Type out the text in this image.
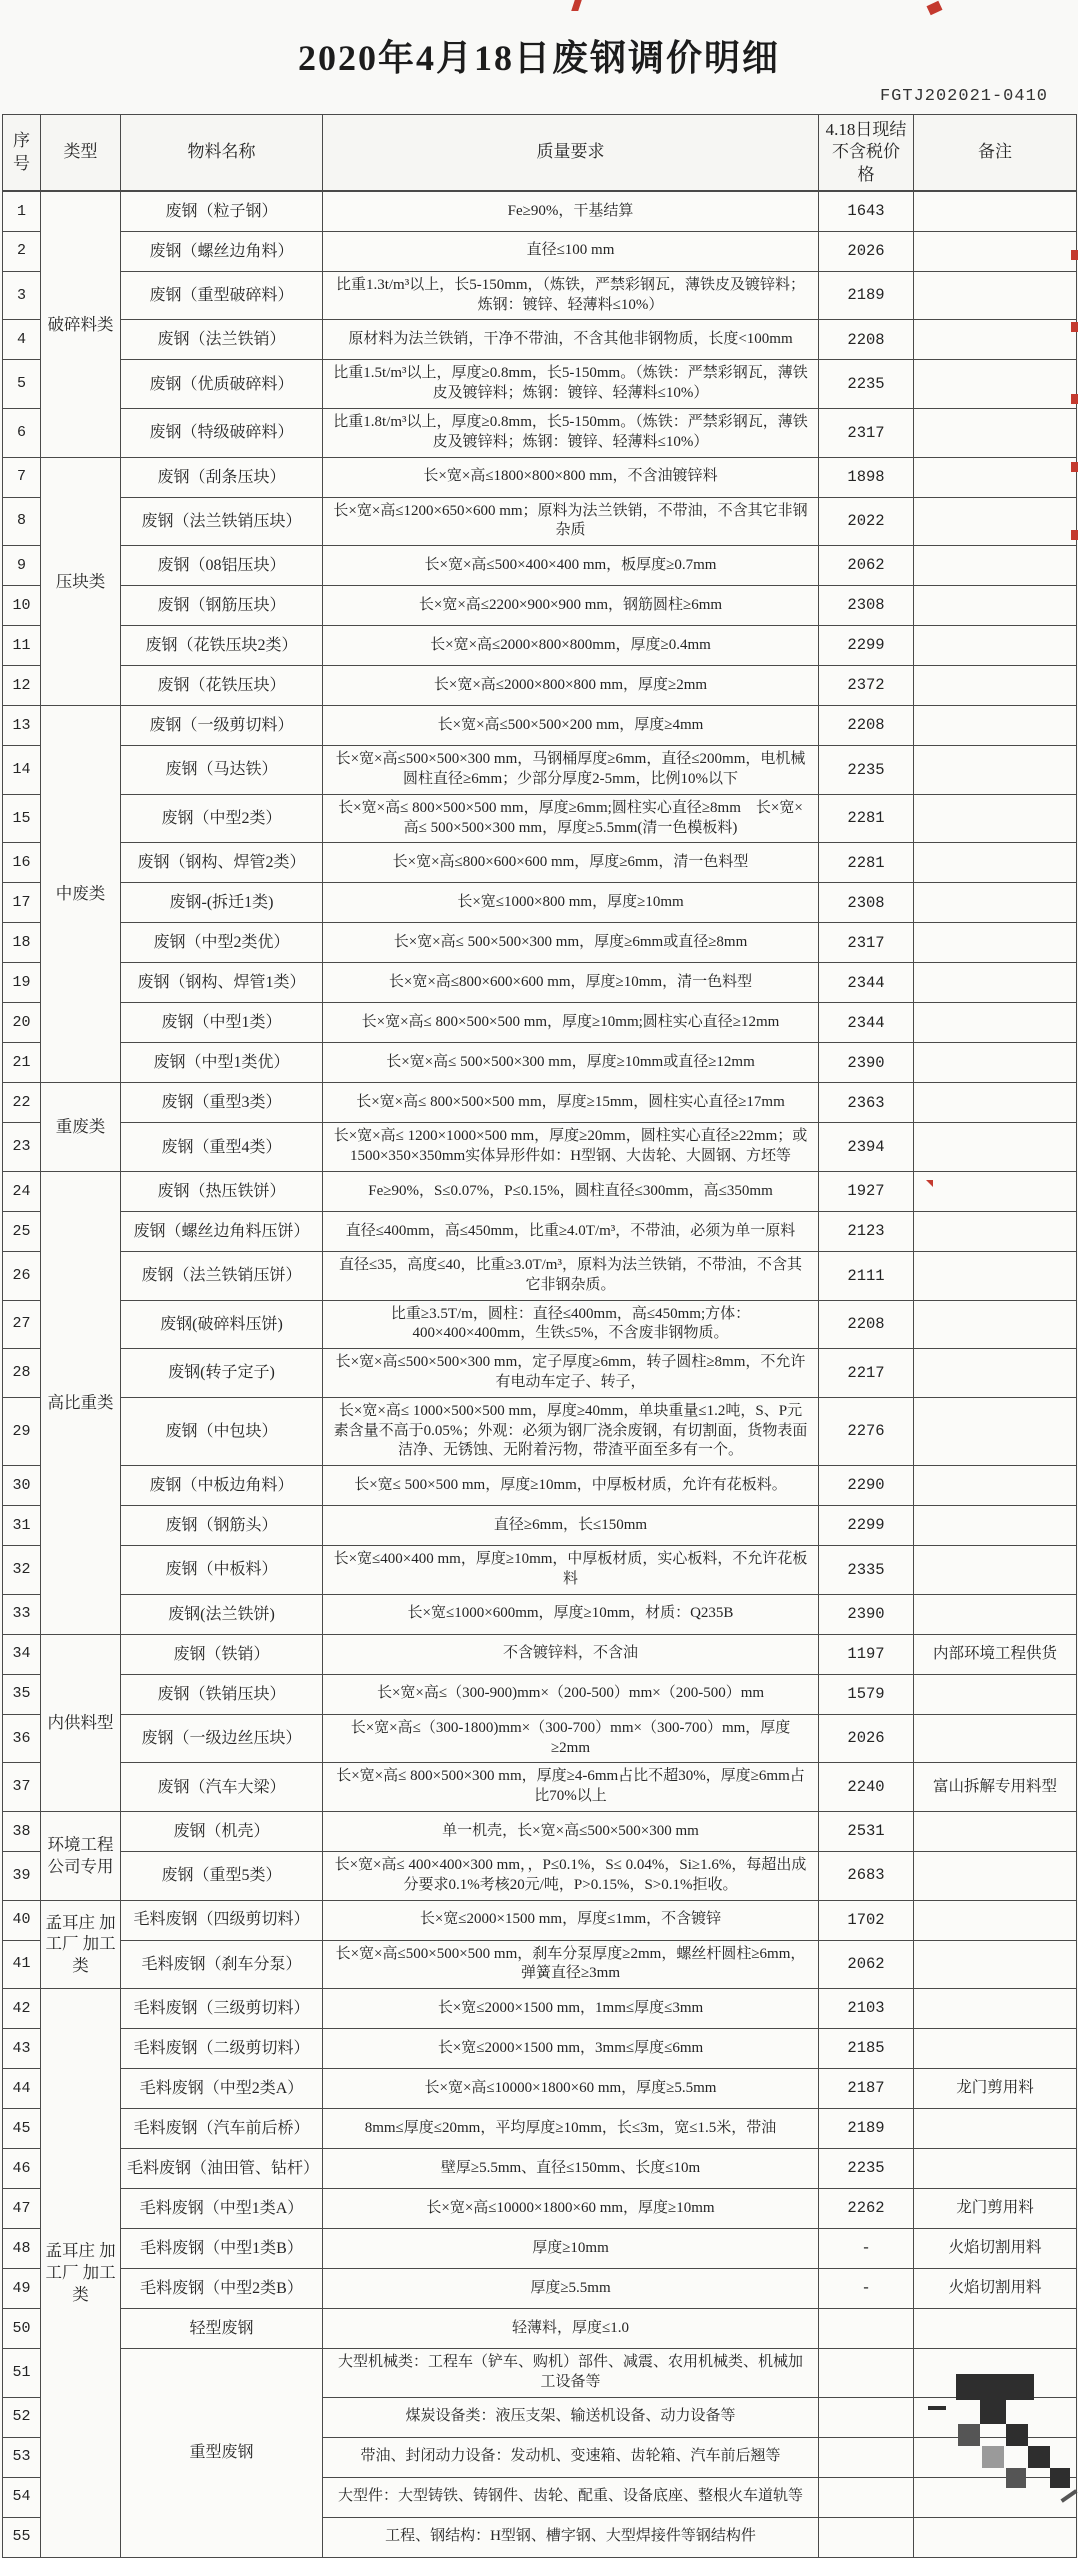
2020年4月18日废钢调价明细
FGTJ202021-0410
序号	类型	物料名称	质量要求	4.18日现结不含税价格	备注
1	破碎料类	废钢（粒子钢）	Fe≥90%，干基结算	1643	
2		废钢（螺丝边角料）	直径≤100 mm	2026	
3		废钢（重型破碎料）	比重1.3t/m³以上，长5-150mm，（炼铁，严禁彩钢瓦，薄铁皮及镀锌料；炼钢：镀锌、轻薄料≤10%）	2189	
4		废钢（法兰铁销）	原材料为法兰铁销，干净不带油，不含其他非钢物质，长度<100mm	2208	
5		废钢（优质破碎料）	比重1.5t/m³以上，厚度≥0.8mm，长5-150mm。（炼铁：严禁彩钢瓦，薄铁皮及镀锌料；炼钢：镀锌、轻薄料≤10%）	2235	
6		废钢（特级破碎料）	比重1.8t/m³以上，厚度≥0.8mm，长5-150mm。（炼铁：严禁彩钢瓦，薄铁皮及镀锌料；炼钢：镀锌、轻薄料≤10%）	2317	
7	压块类	废钢（刮条压块）	长×宽×高≤1800×800×800 mm，不含油镀锌料	1898	
8		废钢（法兰铁销压块）	长×宽×高≤1200×650×600 mm；原料为法兰铁销，不带油，不含其它非钢杂质	2022	
9		废钢（08铝压块）	长×宽×高≤500×400×400 mm，板厚度≥0.7mm	2062	
10		废钢（钢筋压块）	长×宽×高≤2200×900×900 mm，钢筋圆柱≥6mm	2308	
11		废钢（花铁压块2类）	长×宽×高≤2000×800×800mm，厚度≥0.4mm	2299	
12		废钢（花铁压块）	长×宽×高≤2000×800×800 mm，厚度≥2mm	2372	
13	中废类	废钢（一级剪切料）	长×宽×高≤500×500×200 mm，厚度≥4mm	2208	
14		废钢（马达铁）	长×宽×高≤500×500×300 mm，马钢桶厚度≥6mm，直径≤200mm，电机械圆柱直径≥6mm；少部分厚度2-5mm，比例10%以下	2235	
15		废钢（中型2类）	长×宽×高≤ 800×500×500 mm，厚度≥6mm;圆柱实心直径≥8mm　长×宽×高≤ 500×500×300 mm，厚度≥5.5mm(清一色模板料)	2281	
16		废钢（钢构、焊管2类）	长×宽×高≤800×600×600 mm，厚度≥6mm，清一色料型	2281	
17		废钢-(拆迁1类)	长×宽≤1000×800 mm，厚度≥10mm	2308	
18		废钢（中型2类优）	长×宽×高≤ 500×500×300 mm，厚度≥6mm或直径≥8mm	2317	
19		废钢（钢构、焊管1类）	长×宽×高≤800×600×600 mm，厚度≥10mm，清一色料型	2344	
20		废钢（中型1类）	长×宽×高≤ 800×500×500 mm，厚度≥10mm;圆柱实心直径≥12mm	2344	
21		废钢（中型1类优）	长×宽×高≤ 500×500×300 mm，厚度≥10mm或直径≥12mm	2390	
22	重废类	废钢（重型3类）	长×宽×高≤ 800×500×500 mm，厚度≥15mm，圆柱实心直径≥17mm	2363	
23		废钢（重型4类）	长×宽×高≤ 1200×1000×500 mm，厚度≥20mm，圆柱实心直径≥22mm；或1500×350×350mm实体异形件如：H型钢、大齿轮、大圆钢、方坯等	2394	
24	高比重类	废钢（热压铁饼）	Fe≥90%，S≤0.07%，P≤0.15%，圆柱直径≤300mm，高≤350mm	1927	
25		废钢（螺丝边角料压饼）	直径≤400mm，高≤450mm，比重≥4.0T/m³，不带油，必须为单一原料	2123	
26		废钢（法兰铁销压饼）	直径≤35，高度≤40，比重≥3.0T/m³，原料为法兰铁销，不带油，不含其它非钢杂质。	2111	
27		废钢(破碎料压饼)	比重≥3.5T/m，圆柱：直径≤400mm，高≤450mm;方体：400×400×400mm，生铁≤5%，不含废非钢物质。	2208	
28		废钢(转子定子)	长×宽×高≤500×500×300 mm，定子厚度≥6mm，转子圆柱≥8mm，不允许有电动车定子、转子，	2217	
29		废钢（中包块）	长×宽×高≤ 1000×500×500 mm，厚度≥40mm，单块重量≤1.2吨，S、P元素含量不高于0.05%；外观：必须为钢厂浇余废钢，有切割面，货物表面洁净、无锈蚀、无附着污物，带渣平面至多有一个。	2276	
30		废钢（中板边角料）	长×宽≤ 500×500 mm，厚度≥10mm，中厚板材质，允许有花板料。	2290	
31		废钢（钢筋头）	直径≥6mm，长≤150mm	2299	
32		废钢（中板料）	长×宽≤400×400 mm，厚度≥10mm，中厚板材质，实心板料，不允许花板料	2335	
33		废钢(法兰铁饼)	长×宽≤1000×600mm，厚度≥10mm，材质：Q235B	2390	
34	内供料型	废钢（铁销）	不含镀锌料，不含油	1197	内部环境工程供货
35		废钢（铁销压块）	长×宽×高≤（300-900)mm×（200-500）mm×（200-500）mm	1579	
36		废钢（一级边丝压块）	长×宽×高≤（300-1800)mm×（300-700）mm×（300-700）mm，厚度≥2mm	2026	
37		废钢（汽车大梁）	长×宽×高≤ 800×500×300 mm，厚度≥4-6mm占比不超30%，厚度≥6mm占比70%以上	2240	富山拆解专用料型
38	环境工程公司专用	废钢（机壳）	单一机壳，长×宽×高≤500×500×300 mm	2531	
39		废钢（重型5类）	长×宽×高≤ 400×400×300 mm，，P≤0.1%，S≤ 0.04%，Si≥1.6%，每超出成分要求0.1%考核20元/吨，P>0.15%，S>0.1%拒收。	2683	
40	孟耳庄 加工厂 加工类	毛料废钢（四级剪切料）	长×宽≤2000×1500 mm，厚度≤1mm，不含镀锌	1702	
41		毛料废钢（刹车分泵）	长×宽×高≤500×500×500 mm，刹车分泵厚度≥2mm，螺丝杆圆柱≥6mm，弹簧直径≥3mm	2062	
42	孟耳庄 加工厂 加工类	毛料废钢（三级剪切料）	长×宽≤2000×1500 mm，1mm≤厚度≤3mm	2103	
43		毛料废钢（二级剪切料）	长×宽≤2000×1500 mm，3mm≤厚度≤6mm	2185	
44		毛料废钢（中型2类A）	长×宽×高≤10000×1800×60 mm，厚度≥5.5mm	2187	龙门剪用料
45		毛料废钢（汽车前后桥）	8mm≤厚度≤20mm，平均厚度≥10mm，长≤3m，宽≤1.5米，带油	2189	
46		毛料废钢（油田管、钻杆）	壁厚≥5.5mm、直径≤150mm、长度≤10m	2235	
47		毛料废钢（中型1类A）	长×宽×高≤10000×1800×60 mm，厚度≥10mm	2262	龙门剪用料
48		毛料废钢（中型1类B）	厚度≥10mm	-	火焰切割用料
49		毛料废钢（中型2类B）	厚度≥5.5mm	-	火焰切割用料
50		轻型废钢	轻薄料，厚度≤1.0		
51		重型废钢	大型机械类：工程车（铲车、购机）部件、减震、农用机械类、机械加工设备等		
52			煤炭设备类：液压支架、输送机设备、动力设备等		
53			带油、封闭动力设备：发动机、变速箱、齿轮箱、汽车前后翘等		
54			大型件：大型铸铁、铸钢件、齿轮、配重、设备底座、整根火车道轨等		
55			工程、钢结构：H型钢、槽字钢、大型焊接件等钢结构件		
